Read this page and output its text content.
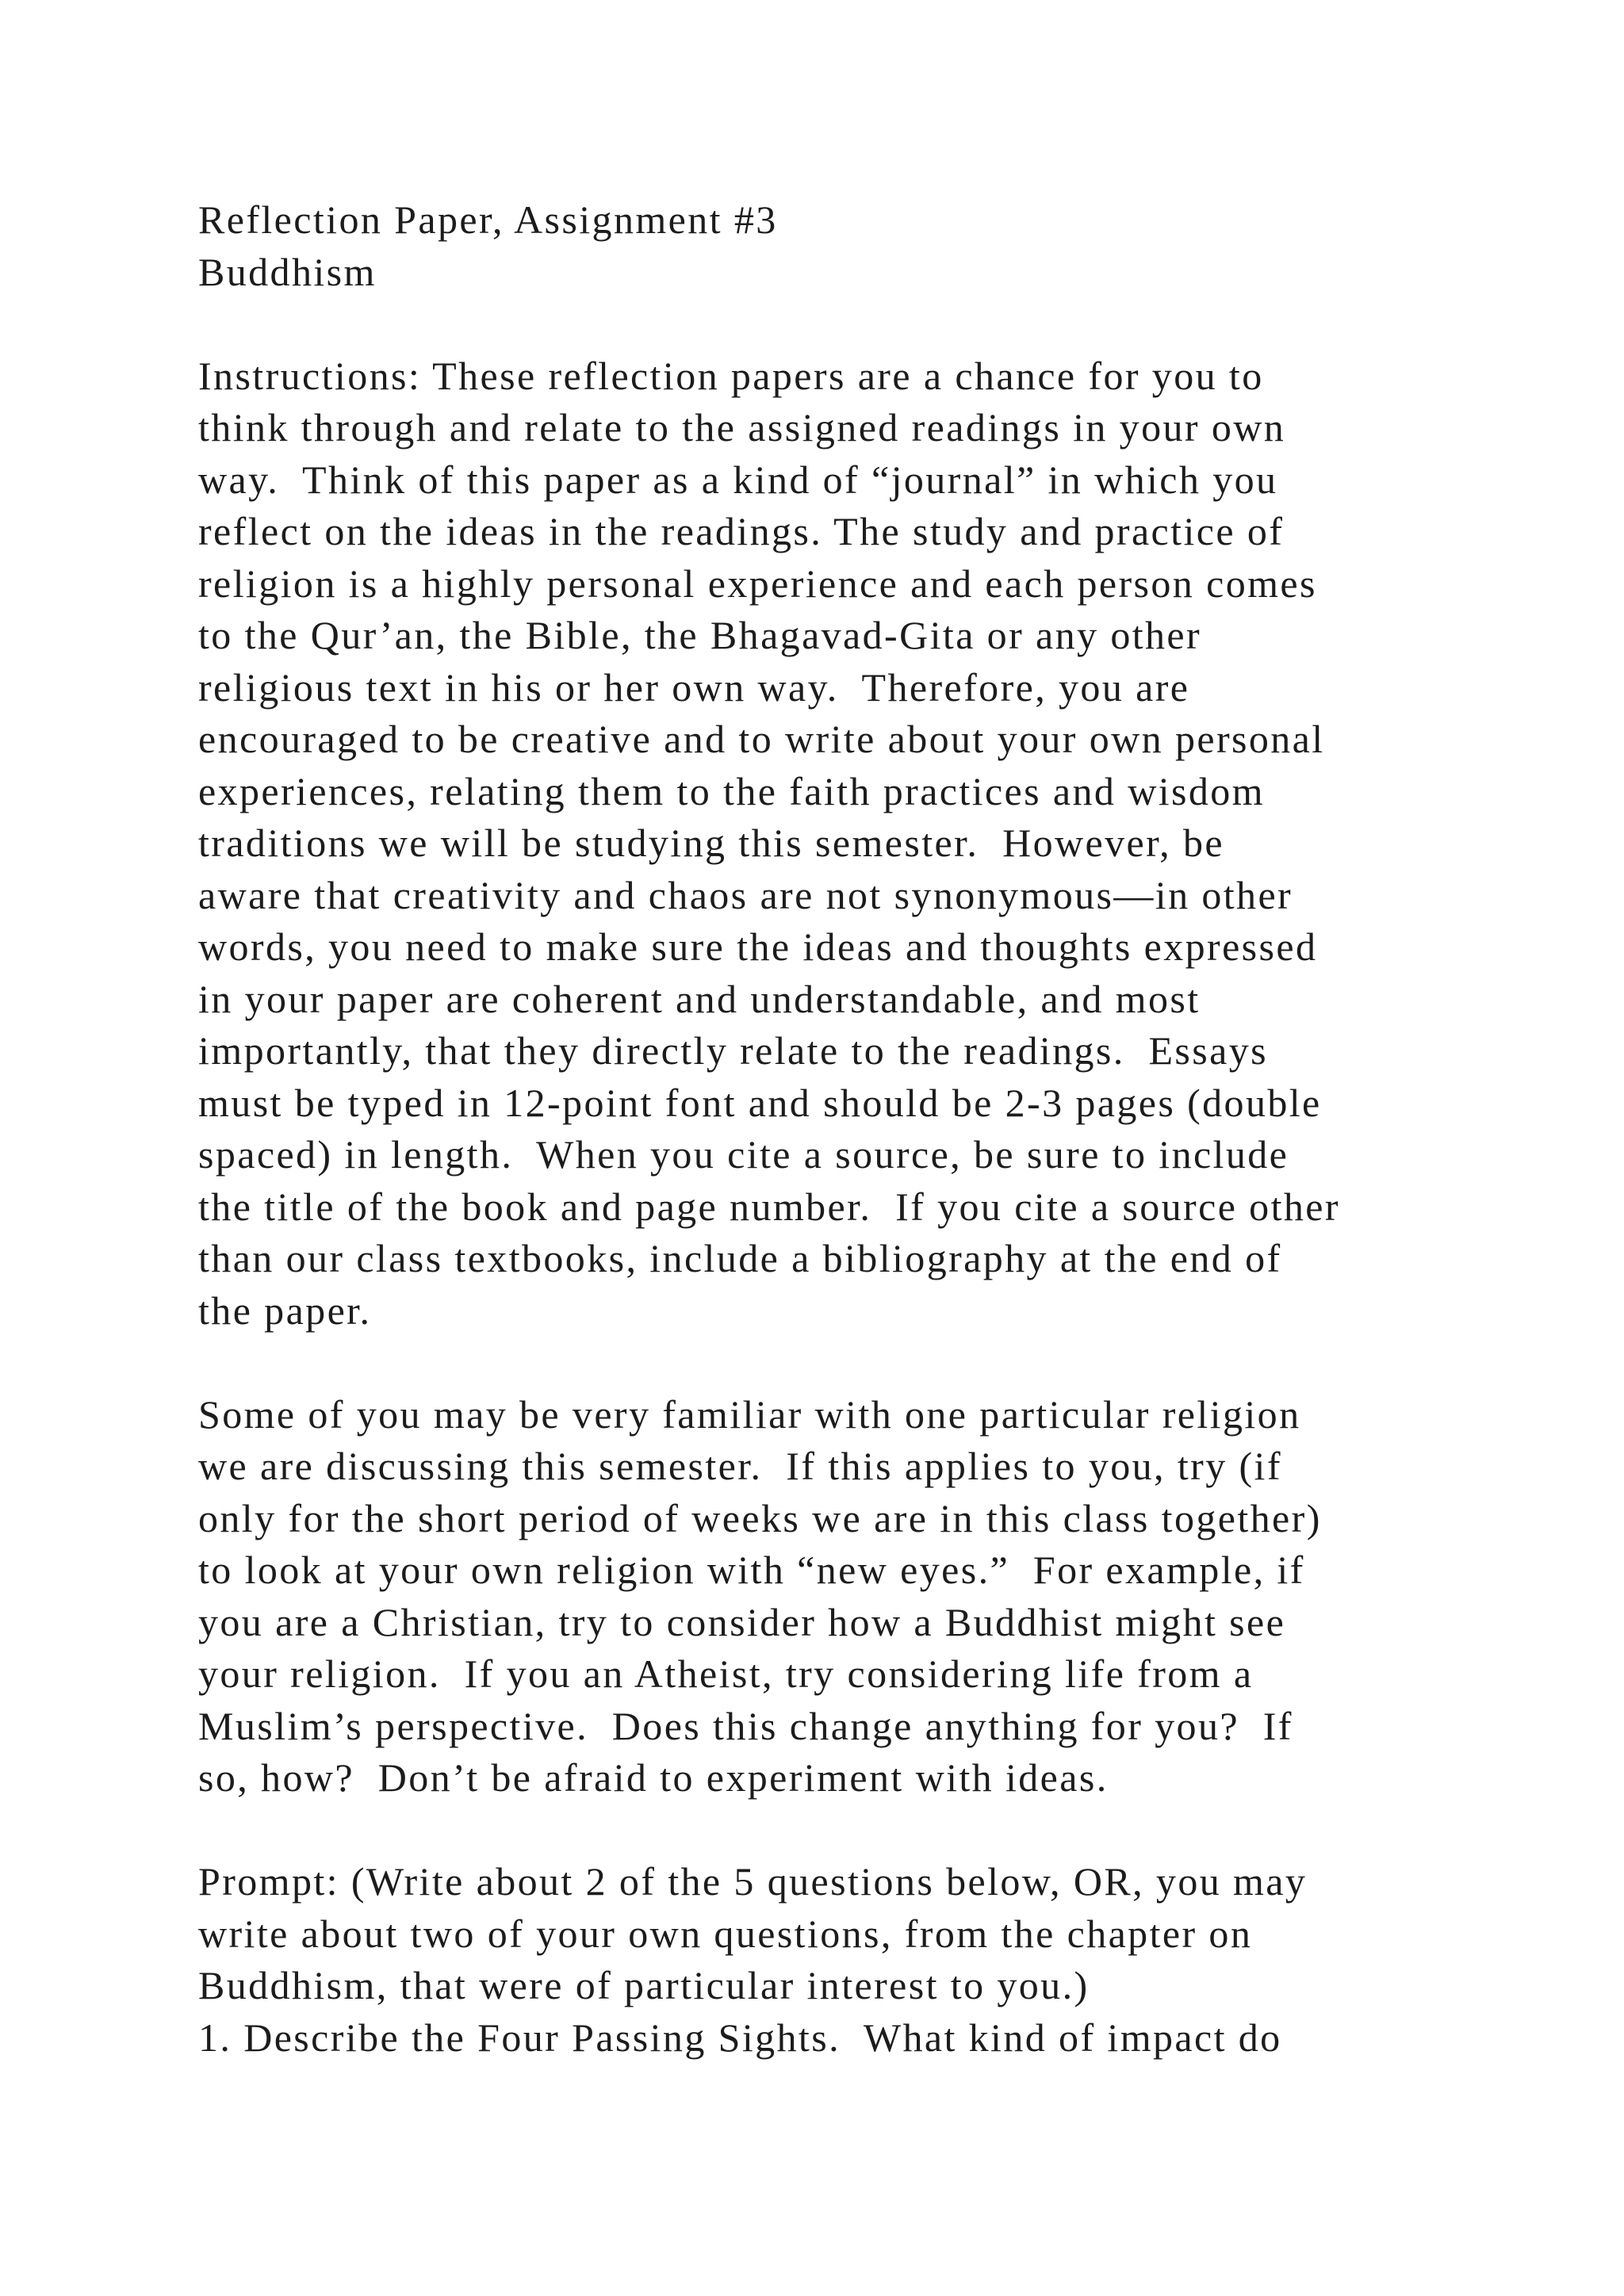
Reflection Paper, Assignment #3
Buddhism
Instructions: These reflection papers are a chance for you to
think through and relate to the assigned readings in your own
way.  Think of this paper as a kind of “journal” in which you
reflect on the ideas in the readings. The study and practice of
religion is a highly personal experience and each person comes
to the Qur’an, the Bible, the Bhagavad-Gita or any other
religious text in his or her own way.  Therefore, you are
encouraged to be creative and to write about your own personal
experiences, relating them to the faith practices and wisdom
traditions we will be studying this semester.  However, be
aware that creativity and chaos are not synonymous—in other
words, you need to make sure the ideas and thoughts expressed
in your paper are coherent and understandable, and most
importantly, that they directly relate to the readings.  Essays
must be typed in 12-point font and should be 2-3 pages (double
spaced) in length.  When you cite a source, be sure to include
the title of the book and page number.  If you cite a source other
than our class textbooks, include a bibliography at the end of
the paper.
Some of you may be very familiar with one particular religion
we are discussing this semester.  If this applies to you, try (if
only for the short period of weeks we are in this class together)
to look at your own religion with “new eyes.”  For example, if
you are a Christian, try to consider how a Buddhist might see
your religion.  If you an Atheist, try considering life from a
Muslim’s perspective.  Does this change anything for you?  If
so, how?  Don’t be afraid to experiment with ideas.
Prompt: (Write about 2 of the 5 questions below, OR, you may
write about two of your own questions, from the chapter on
Buddhism, that were of particular interest to you.)
1. Describe the Four Passing Sights.  What kind of impact do
